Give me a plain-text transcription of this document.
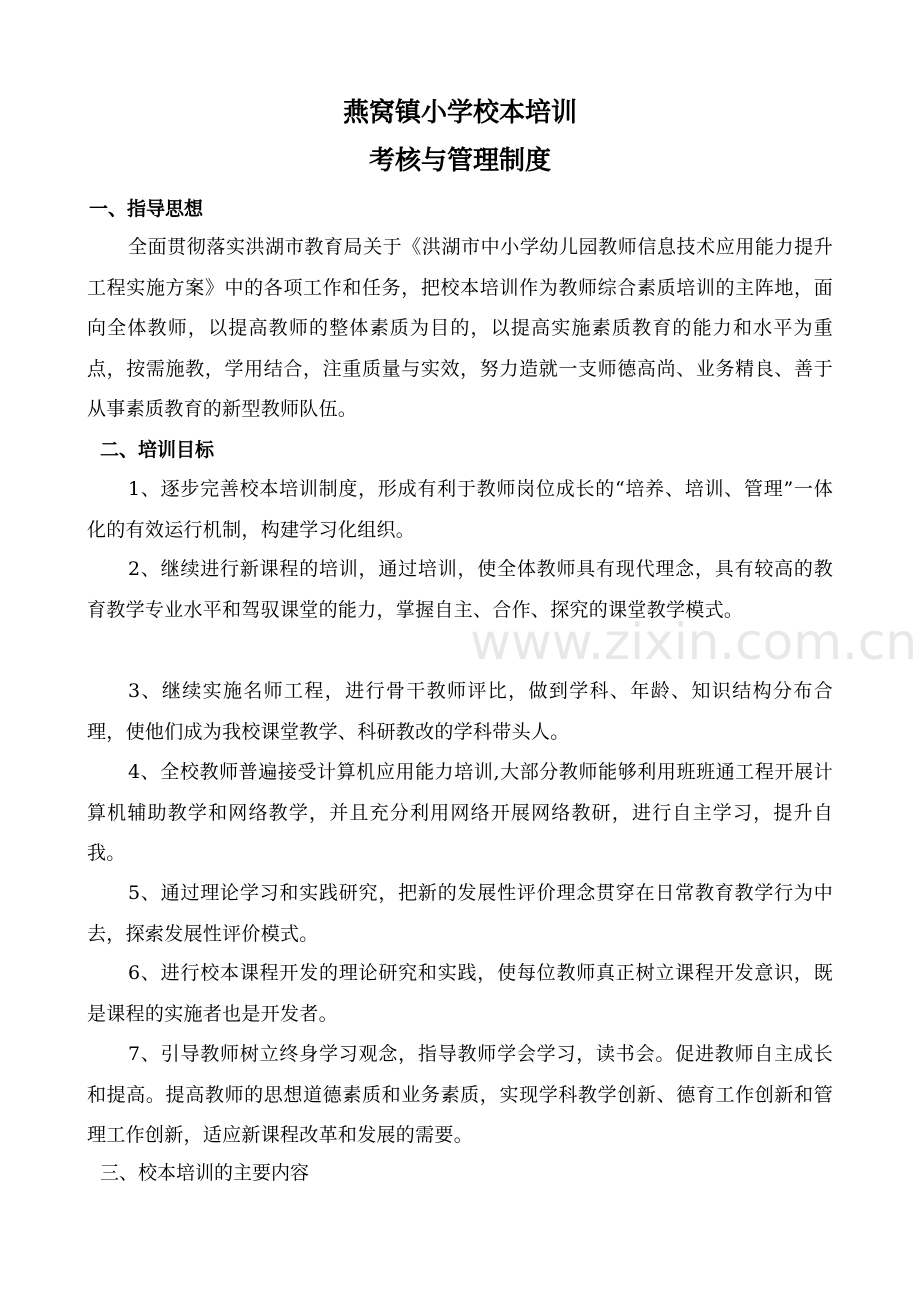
燕窝镇小学校本培训
考核与管理制度
一、指导思想

全面贯彻落实洪湖市教育局关于《洪湖市中小学幼儿园教师信息技术应用能力提升工程实施方案》中的各项工作和任务，把校本培训作为教师综合素质培训的主阵地，面向全体教师，以提高教师的整体素质为目的，以提高实施素质教育的能力和水平为重点，按需施教，学用结合，注重质量与实效，努力造就一支师德高尚、业务精良、善于从事素质教育的新型教师队伍。

二、培训目标

1、逐步完善校本培训制度，形成有利于教师岗位成长的“培养、培训、管理”一体化的有效运行机制，构建学习化组织。

2、继续进行新课程的培训，通过培训，使全体教师具有现代理念，具有较高的教育教学专业水平和驾驭课堂的能力，掌握自主、合作、探究的课堂教学模式。

3、继续实施名师工程，进行骨干教师评比，做到学科、年龄、知识结构分布合理，使他们成为我校课堂教学、科研教改的学科带头人。

4、全校教师普遍接受计算机应用能力培训,大部分教师能够利用班班通工程开展计算机辅助教学和网络教学，并且充分利用网络开展网络教研，进行自主学习，提升自我。

5、通过理论学习和实践研究，把新的发展性评价理念贯穿在日常教育教学行为中去，探索发展性评价模式。

6、进行校本课程开发的理论研究和实践，使每位教师真正树立课程开发意识，既是课程的实施者也是开发者。

7、引导教师树立终身学习观念，指导教师学会学习，读书会。促进教师自主成长和提高。提高教师的思想道德素质和业务素质，实现学科教学创新、德育工作创新和管理工作创新，适应新课程改革和发展的需要。

三、校本培训的主要内容
www.zixin.com.cn
